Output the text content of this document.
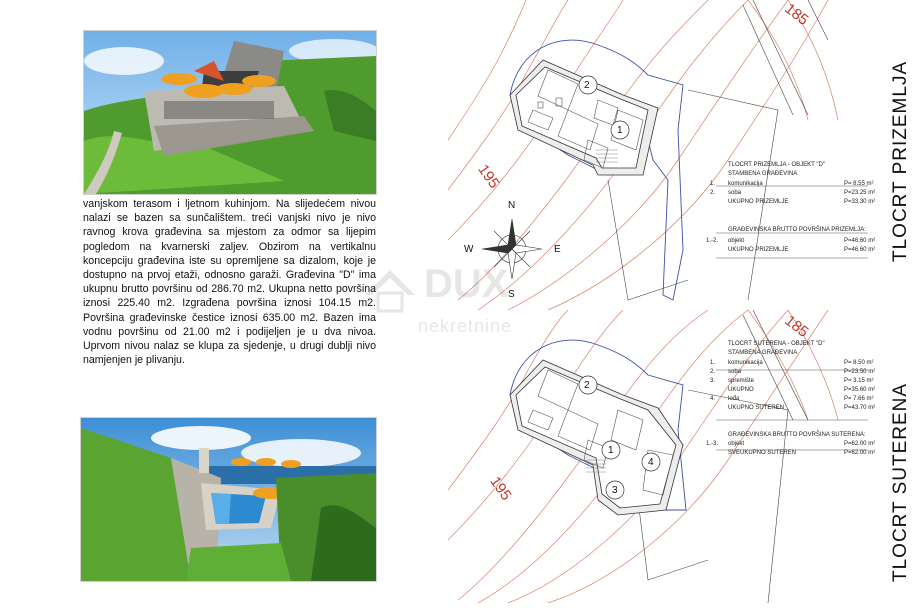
vanjskom terasom i ljetnom kuhinjom. Na slijedećem nivou nalazi se bazen sa sunčalištem. treći vanjski nivo je nivo ravnog krova građevina sa mjestom za odmor sa lijepim pogledom na kvarnerski zaljev. Obzirom na vertikalnu koncepciju građevina iste su opremljene sa dizalom, koje je dostupno na prvoj etaži, odnosno garaži. Građevina "D" ima ukupnu brutto površinu od 286.70 m2. Ukupna netto površina iznosi 225.40 m2. Izgrađena površina iznosi 104.15 m2. Površina građevinske čestice iznosi 635.00 m2. Bazen ima vodnu površinu od 21.00 m2 i podijeljen je u dva nivoa. Uprvom nivou nalaz se klupa za sjedenje, u drugi dublji nivo namjenjen je plivanju.

185
195
2
1
N
E
S
W
TLOCRT PRIZEMLJA - OBJEKT "D"
STAMBENA GRAĐEVINA
1. komunikacija	P= 8.55 m²
2. soba	P=23.25 m²
UKUPNO PRIZEMLJE	P=33.30 m²
GRAĐEVINSKA BRUTTO POVRŠINA PRIZEMLJA:
1.-2. objekt	P=46.60 m²
UKUPNO PRIZEMLJE	P=46.60 m² TLOCRT PRIZEMLJA
185
195
2
1
3
4
TLOCRT SUTERENA - OBJEKT "D"
STAMBENA GRAĐEVINA
1. komunikacija	P= 8.50 m²
2. soba	P=23.50 m²
3. spremište	P= 3.15 m²
UKUPNO	P=35.60 m²
4. lođa	P= 7.66 m²
UKUPNO SUTEREN	P=43.70 m²
GRAĐEVINSKA BRUTTO POVRŠINA SUTERENA:
1.-3. objekt	P=62.00 m²
SVEUKUPNO SUTEREN	P=62.00 m² TLOCRT SUTERENA
DUX
nekretnine
